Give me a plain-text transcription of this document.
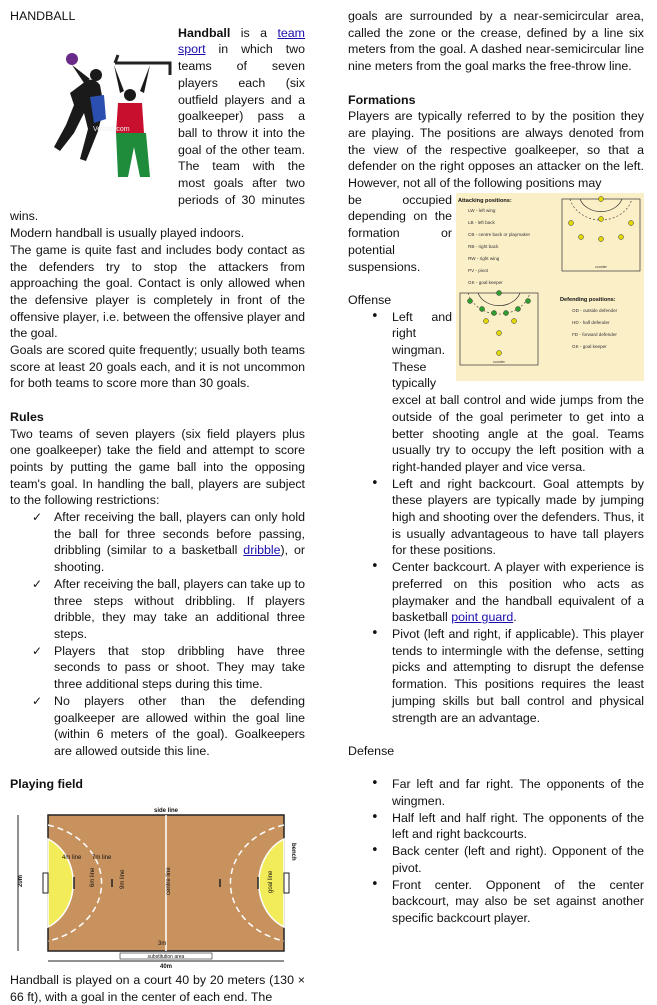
HANDBALL

Vector..com

Handball is a team sport in which two teams of seven players each (six outfield players and a goalkeeper) pass a ball to throw it into the goal of the other team. The team with the most goals after two periods of 30 minutes wins.

Modern handball is usually played indoors.

The game is quite fast and includes body contact as the defenders try to stop the attackers from approaching the goal. Contact is only allowed when the defensive player is completely in front of the offensive player, i.e. between the offensive player and the goal.

Goals are scored quite frequently; usually both teams score at least 20 goals each, and it is not uncommon for both teams to score more than 30 goals.

Rules

Two teams of seven players (six field players plus one goalkeeper) take the field and attempt to score points by putting the game ball into the opposing team's goal. In handling the ball, players are subject to the following restrictions:

✓ After receiving the ball, players can only hold the ball for three seconds before passing, dribbling (similar to a basketball dribble), or shooting.
✓ After receiving the ball, players can take up to three steps without dribbling. If players dribble, they may take an additional three steps.
✓ Players that stop dribbling have three seconds to pass or shoot. They may take three additional steps during this time.
✓ No players other than the defending goalkeeper are allowed within the goal line (within 6 meters of the goal). Goalkeepers are allowed outside this line.

Playing field

side line
20m
40m
4m line 7m line
6m line	9m line	centre line	goal line
3m
substitution area
bench

Handball is played on a court 40 by 20 meters (130 × 66 ft), with a goal in the center of each end. The

goals are surrounded by a near-semicircular area, called the zone or the crease, defined by a line six meters from the goal. A dashed near-semicircular line nine meters from the goal marks the free-throw line.

Formations

Players are typically referred to by the position they are playing. The positions are always denoted from the view of the respective goalkeeper, so that a defender on the right opposes an attacker on the left. However, not all of the following positions may

Attacking positions:
LW - left wing
LB - left back
CB - centre back or playmaker
RB - right back
RW - right wing
PV - pivot
GK - goal keeper
counter
counter
Defending positions:
OD - outside defender
HD - half defender
FD - forward defender
GK - goal keeper

be occupied depending on the formation or potential suspensions.

Offense

• Left and right wingman. These typically excel at ball control and wide jumps from the outside of the goal perimeter to get into a better shooting angle at the goal. Teams usually try to occupy the left position with a right-handed player and vice versa.
• Left and right backcourt. Goal attempts by these players are typically made by jumping high and shooting over the defenders. Thus, it is usually advantageous to have tall players for these positions.
• Center backcourt. A player with experience is preferred on this position who acts as playmaker and the handball equivalent of a basketball point guard.
• Pivot (left and right, if applicable). This player tends to intermingle with the defense, setting picks and attempting to disrupt the defense formation. This positions requires the least jumping skills but ball control and physical strength are an advantage.

Defense

• Far left and far right. The opponents of the wingmen.
• Half left and half right. The opponents of the left and right backcourts.
• Back center (left and right). Opponent of the pivot.
• Front center. Opponent of the center backcourt, may also be set against another specific backcourt player.
